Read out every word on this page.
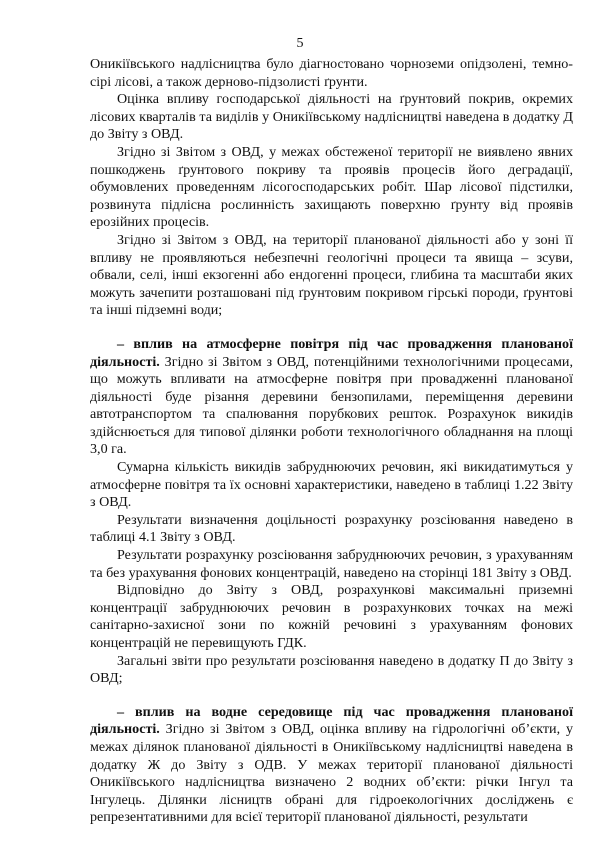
5

Оникіївського надлісництва було діагностовано чорноземи опідзолені, темно-сірі лісові, а також дерново-підзолисті ґрунти.

Оцінка впливу господарської діяльності на ґрунтовий покрив, окремих лісових кварталів та виділів у Оникіївському надлісництві наведена в додатку Д до Звіту з ОВД.

Згідно зі Звітом з ОВД, у межах обстеженої території не виявлено явних пошкоджень ґрунтового покриву та проявів процесів його деградації, обумовлених проведенням лісогосподарських робіт. Шар лісової підстилки, розвинута підлісна рослинність захищають поверхню ґрунту від проявів ерозійних процесів.

Згідно зі Звітом з ОВД, на території планованої діяльності або у зоні її впливу не проявляються небезпечні геологічні процеси та явища – зсуви, обвали, селі, інші екзогенні або ендогенні процеси, глибина та масштаби яких можуть зачепити розташовані під ґрунтовим покривом гірські породи, ґрунтові та інші підземні води;

– вплив на атмосферне повітря під час провадження планованої діяльності. Згідно зі Звітом з ОВД, потенційними технологічними процесами, що можуть впливати на атмосферне повітря при провадженні планованої діяльності буде різання деревини бензопилами, переміщення деревини автотранспортом та спалювання порубкових решток. Розрахунок викидів здійснюється для типової ділянки роботи технологічного обладнання на площі 3,0 га.

Сумарна кількість викидів забруднюючих речовин, які викидатимуться у атмосферне повітря та їх основні характеристики, наведено в таблиці 1.22 Звіту з ОВД.

Результати визначення доцільності розрахунку розсіювання наведено в таблиці 4.1 Звіту з ОВД.

Результати розрахунку розсіювання забруднюючих речовин, з урахуванням та без урахування фонових концентрацій, наведено на сторінці 181 Звіту з ОВД.

Відповідно до Звіту з ОВД, розрахункові максимальні приземні концентрації забруднюючих речовин в розрахункових точках на межі санітарно-захисної зони по кожній речовині з урахуванням фонових концентрацій не перевищують ГДК.

Загальні звіти про результати розсіювання наведено в додатку П до Звіту з ОВД;

– вплив на водне середовище під час провадження планованої діяльності. Згідно зі Звітом з ОВД, оцінка впливу на гідрологічні об’єкти, у межах ділянок планованої діяльності в Оникіївському надлісництві наведена в додатку Ж до Звіту з ОДВ. У межах території планованої діяльності Оникіївського надлісництва визначено 2 водних об’єкти: річки Інгул та Інгулець. Ділянки лісництв обрані для гідроекологічних досліджень є репрезентативними для всієї території планованої діяльності, результати
